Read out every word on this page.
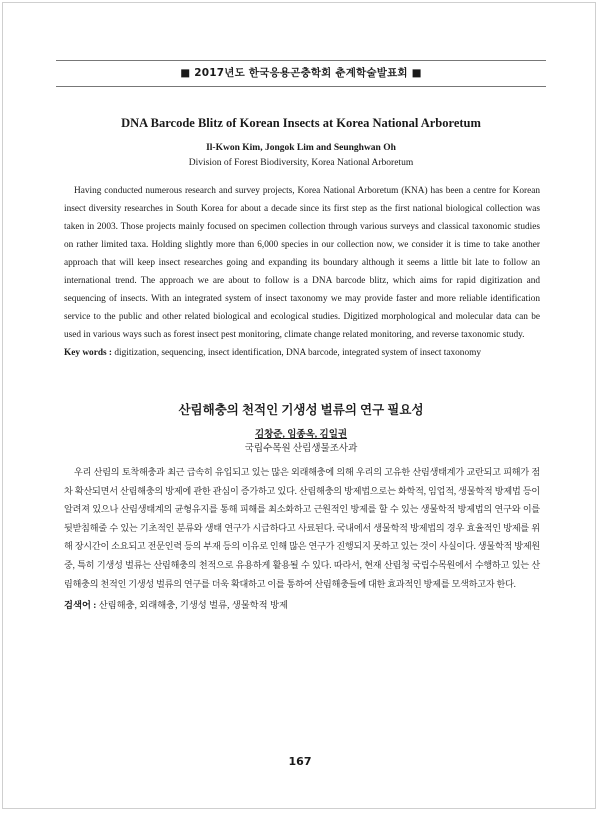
■ 2017년도 한국응용곤충학회 춘계학술발표회 ■
DNA Barcode Blitz of Korean Insects at Korea National Arboretum
Il-Kwon Kim, Jongok Lim and Seunghwan Oh
Division of Forest Biodiversity, Korea National Arboretum

Having conducted numerous research and survey projects, Korea National Arboretum (KNA) has been a centre for Korean insect diversity researches in South Korea for about a decade since its first step as the first national biological collection was taken in 2003. Those projects mainly focused on specimen collection through various surveys and classical taxonomic studies on rather limited taxa. Holding slightly more than 6,000 species in our collection now, we consider it is time to take another approach that will keep insect researches going and expanding its boundary although it seems a little bit late to follow an international trend. The approach we are about to follow is a DNA barcode blitz, which aims for rapid digitization and sequencing of insects. With an integrated system of insect taxonomy we may provide faster and more reliable identification service to the public and other related biological and ecological studies. Digitized morphological and molecular data can be used in various ways such as forest insect pest monitoring, climate change related monitoring, and reverse taxonomic study.

Key words : digitization, sequencing, insect identification, DNA barcode, integrated system of insect taxonomy

산림해충의 천적인 기생성 벌류의 연구 필요성
김창준, 임종옥, 김일권
국립수목원 산림생물조사과

우리 산림의 토착해충과 최근 급속히 유입되고 있는 많은 외래해충에 의해 우리의 고유한 산림생태계가 교란되고 피해가 점차 확산되면서 산림해충의 방제에 관한 관심이 증가하고 있다. 산림해충의 방제법으로는 화학적, 임업적, 생물학적 방제법 등이 알려져 있으나 산림생태계의 균형유지를 통해 피해를 최소화하고 근원적인 방제를 할 수 있는 생물학적 방제법의 연구와 이를 뒷받침해줄 수 있는 기초적인 분류와 생태 연구가 시급하다고 사료된다. 국내에서 생물학적 방제법의 경우 효율적인 방제를 위해 장시간이 소요되고 전문인력 등의 부재 등의 이유로 인해 많은 연구가 진행되지 못하고 있는 것이 사실이다. 생물학적 방제원 중, 특히 기생성 벌류는 산림해충의 천적으로 유용하게 활용될 수 있다. 따라서, 현재 산림청 국립수목원에서 수행하고 있는 산림해충의 천적인 기생성 벌류의 연구를 더욱 확대하고 이를 통하여 산림해충들에 대한 효과적인 방제를 모색하고자 한다.

검색어 : 산림해충, 외래해충, 기생성 벌류, 생물학적 방제

167
